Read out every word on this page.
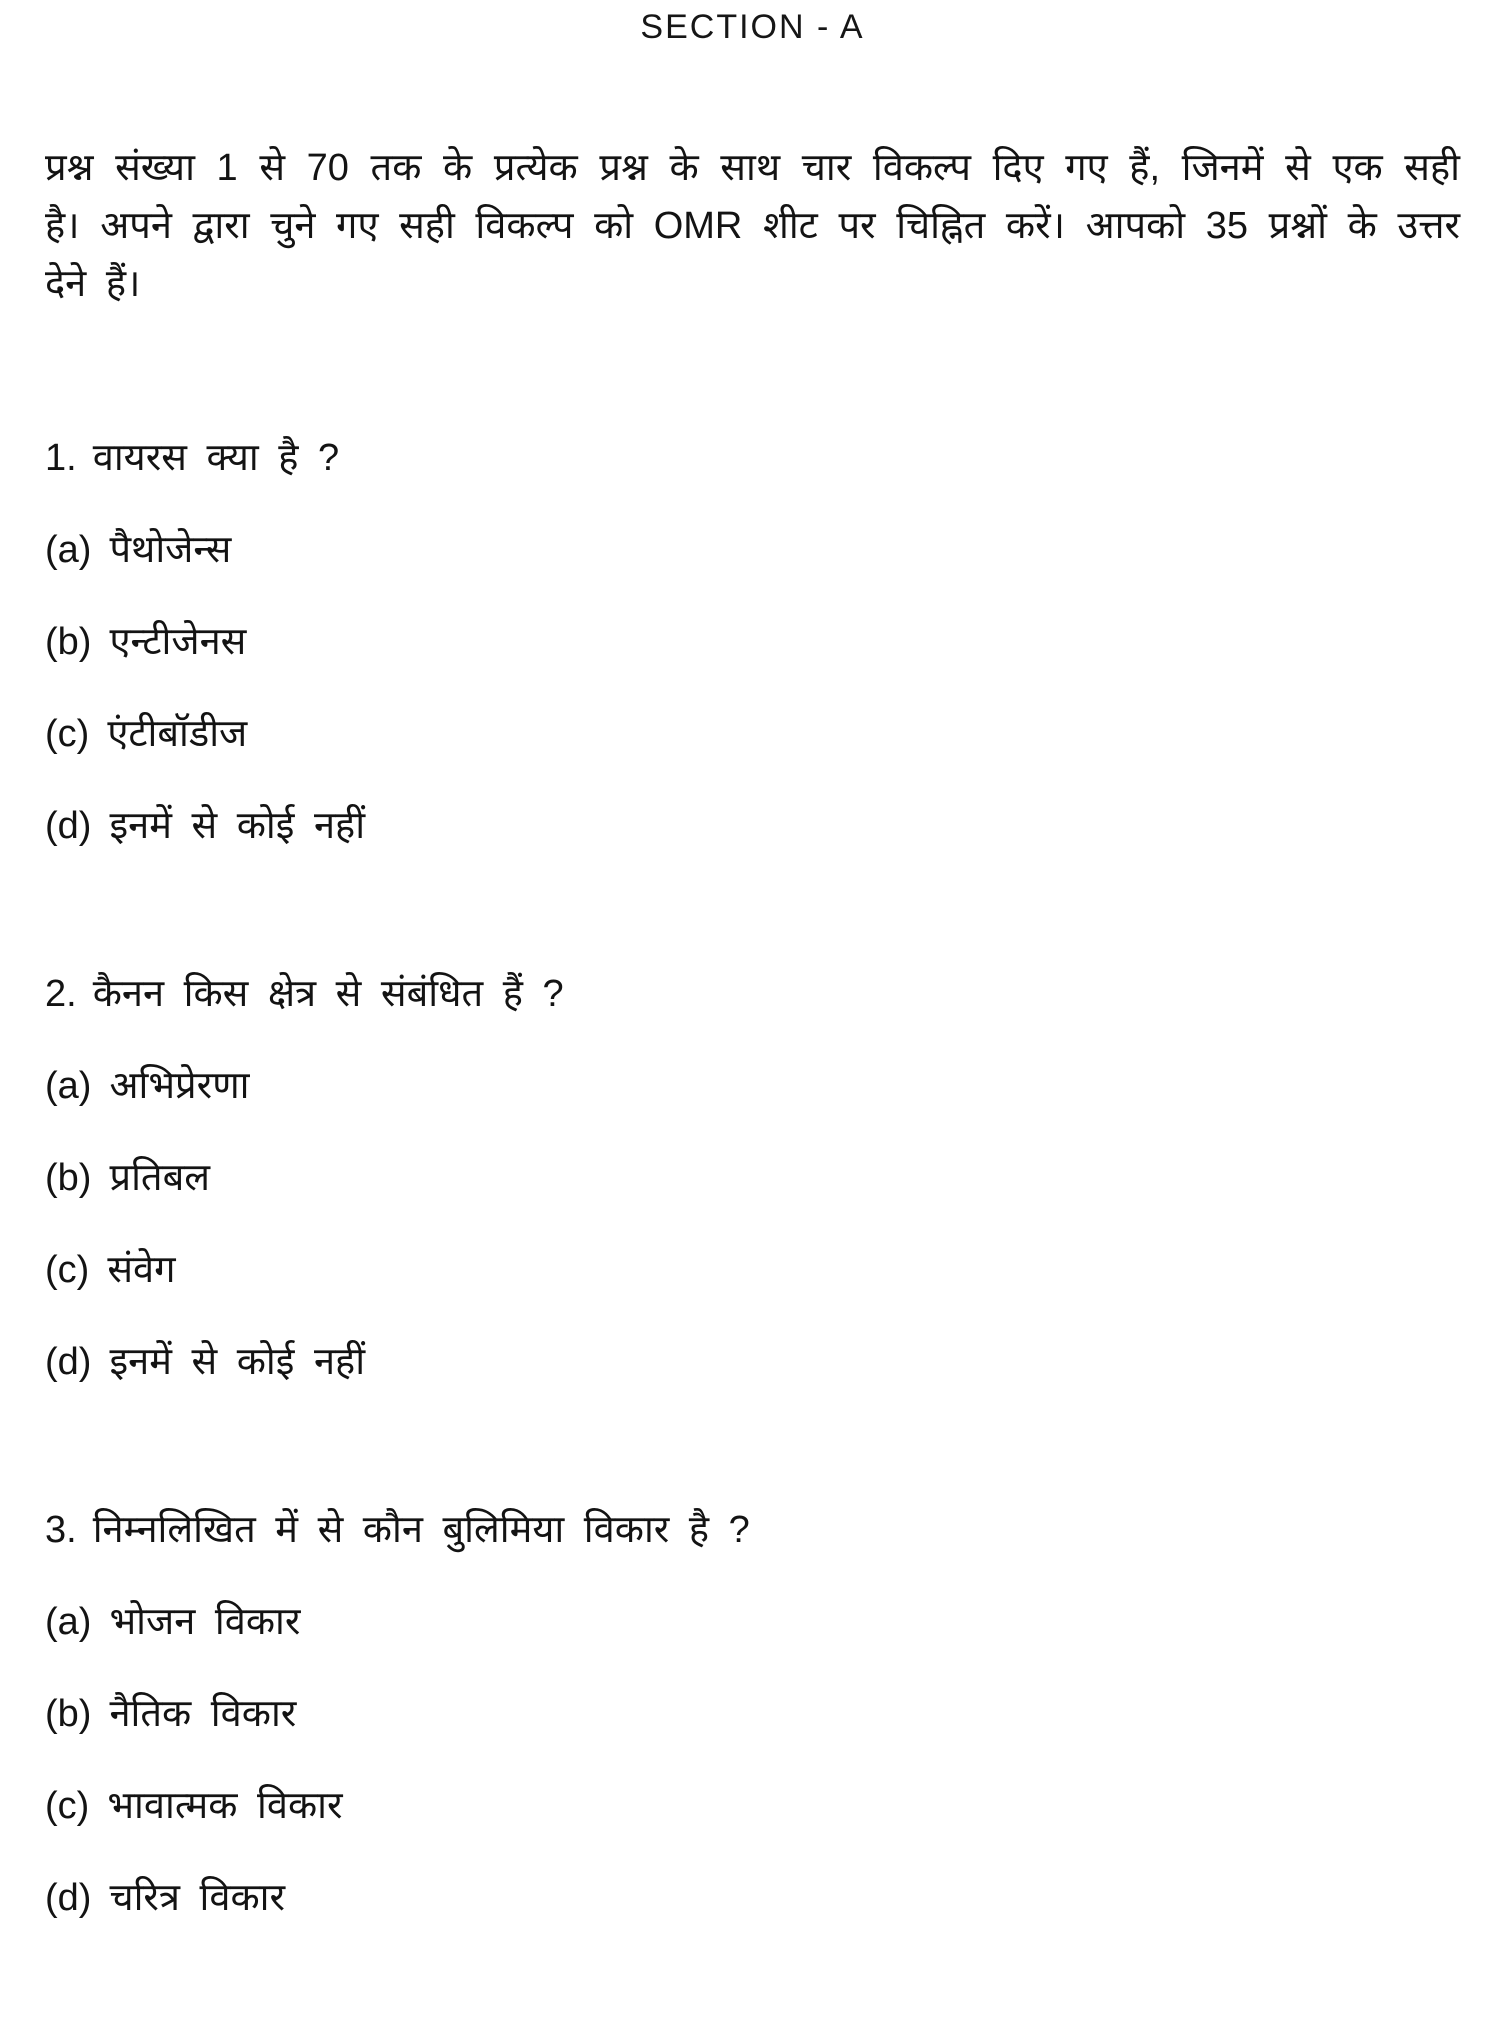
SECTION - A

प्रश्न संख्या 1 से 70 तक के प्रत्येक प्रश्न के साथ चार विकल्प दिए गए हैं, जिनमें से एक सही है। अपने द्वारा चुने गए सही विकल्प को OMR शीट पर चिह्नित करें। आपको 35 प्रश्नों के उत्तर देने हैं।

1. वायरस क्या है ?
(a) पैथोजेन्स
(b) एन्टीजेनस
(c) एंटीबॉडीज
(d) इनमें से कोई नहीं
2. कैनन किस क्षेत्र से संबंधित हैं ?
(a) अभिप्रेरणा
(b) प्रतिबल
(c) संवेग
(d) इनमें से कोई नहीं
3. निम्नलिखित में से कौन बुलिमिया विकार है ?
(a) भोजन विकार
(b) नैतिक विकार
(c) भावात्मक विकार
(d) चरित्र विकार
